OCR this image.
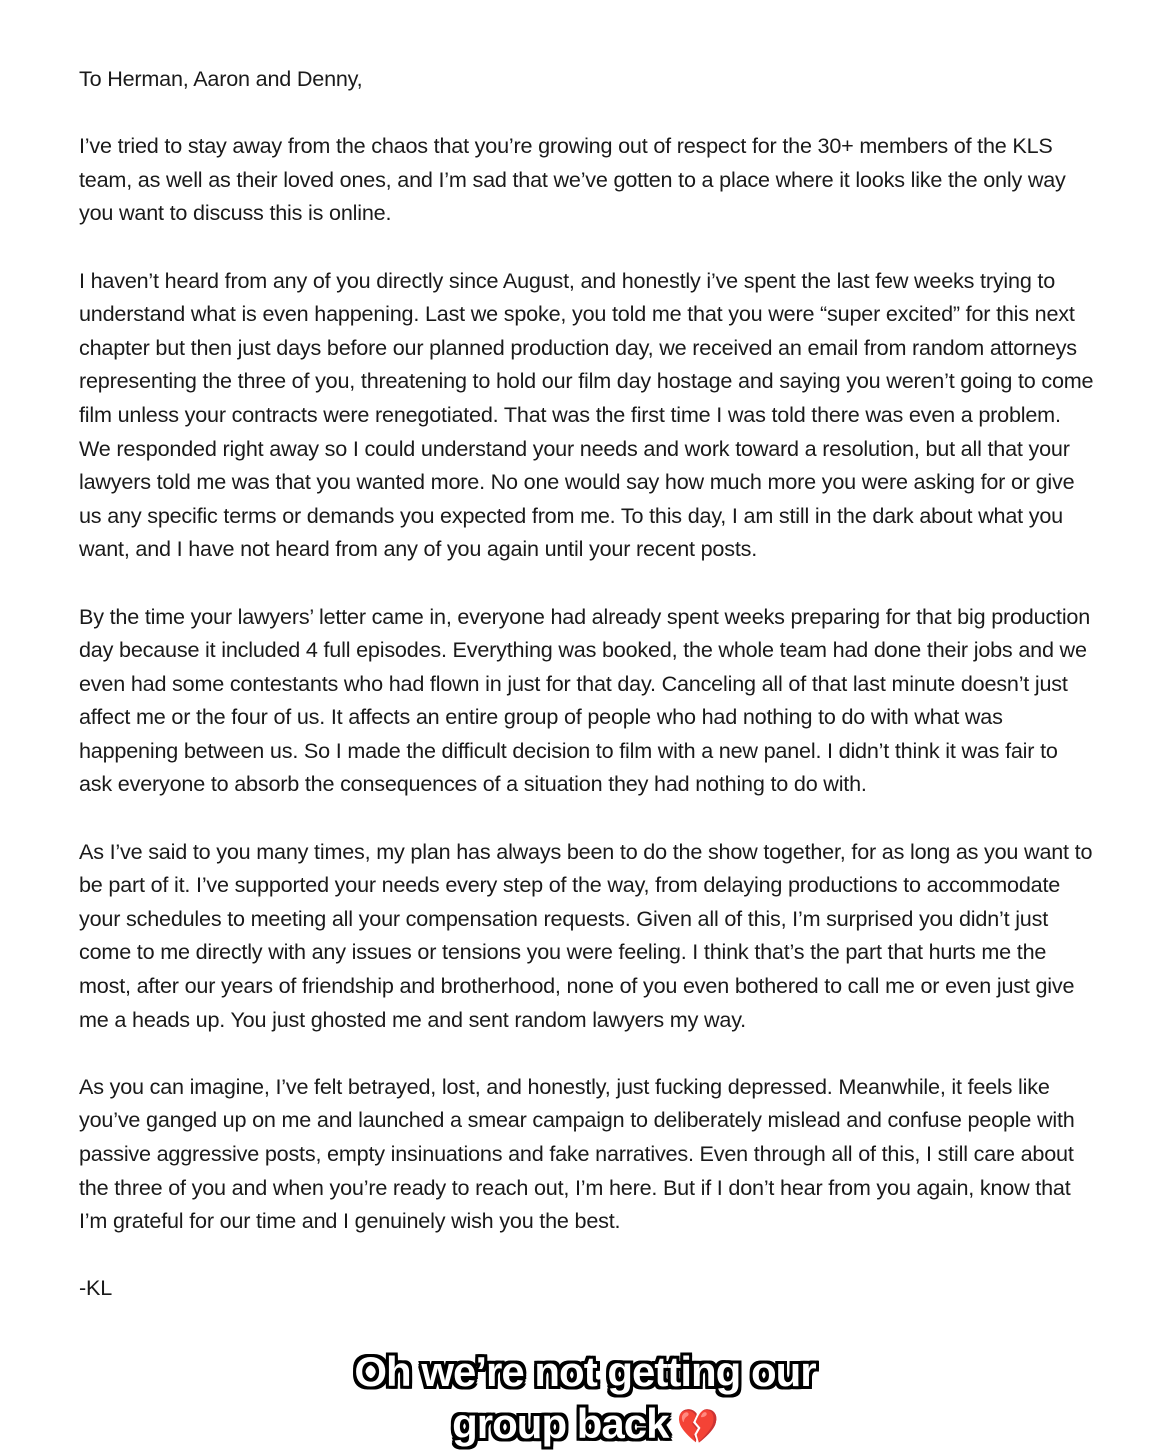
To Herman, Aaron and Denny,

I’ve tried to stay away from the chaos that you’re growing out of respect for the 30+ members of the KLS team, as well as their loved ones, and I’m sad that we’ve gotten to a place where it looks like the only way you want to discuss this is online.

I haven’t heard from any of you directly since August, and honestly i’ve spent the last few weeks trying to understand what is even happening. Last we spoke, you told me that you were “super excited” for this next chapter but then just days before our planned production day, we received an email from random attorneys representing the three of you, threatening to hold our film day hostage and saying you weren’t going to come film unless your contracts were renegotiated. That was the first time I was told there was even a problem. We responded right away so I could understand your needs and work toward a resolution, but all that your lawyers told me was that you wanted more. No one would say how much more you were asking for or give us any specific terms or demands you expected from me. To this day, I am still in the dark about what you want, and I have not heard from any of you again until your recent posts.

By the time your lawyers’ letter came in, everyone had already spent weeks preparing for that big production day because it included 4 full episodes. Everything was booked, the whole team had done their jobs and we even had some contestants who had flown in just for that day. Canceling all of that last minute doesn’t just affect me or the four of us. It affects an entire group of people who had nothing to do with what was happening between us. So I made the difficult decision to film with a new panel. I didn’t think it was fair to ask everyone to absorb the consequences of a situation they had nothing to do with.

As I’ve said to you many times, my plan has always been to do the show together, for as long as you want to be part of it. I’ve supported your needs every step of the way, from delaying productions to accommodate your schedules to meeting all your compensation requests. Given all of this, I’m surprised you didn’t just come to me directly with any issues or tensions you were feeling. I think that’s the part that hurts me the most, after our years of friendship and brotherhood, none of you even bothered to call me or even just give me a heads up. You just ghosted me and sent random lawyers my way.

As you can imagine, I’ve felt betrayed, lost, and honestly, just fucking depressed. Meanwhile, it feels like you’ve ganged up on me and launched a smear campaign to deliberately mislead and confuse people with passive aggressive posts, empty insinuations and fake narratives. Even through all of this, I still care about the three of you and when you’re ready to reach out, I’m here. But if I don’t hear from you again, know that I’m grateful for our time and I genuinely wish you the best.

-KL

Oh we’re not getting our
group back 💔
